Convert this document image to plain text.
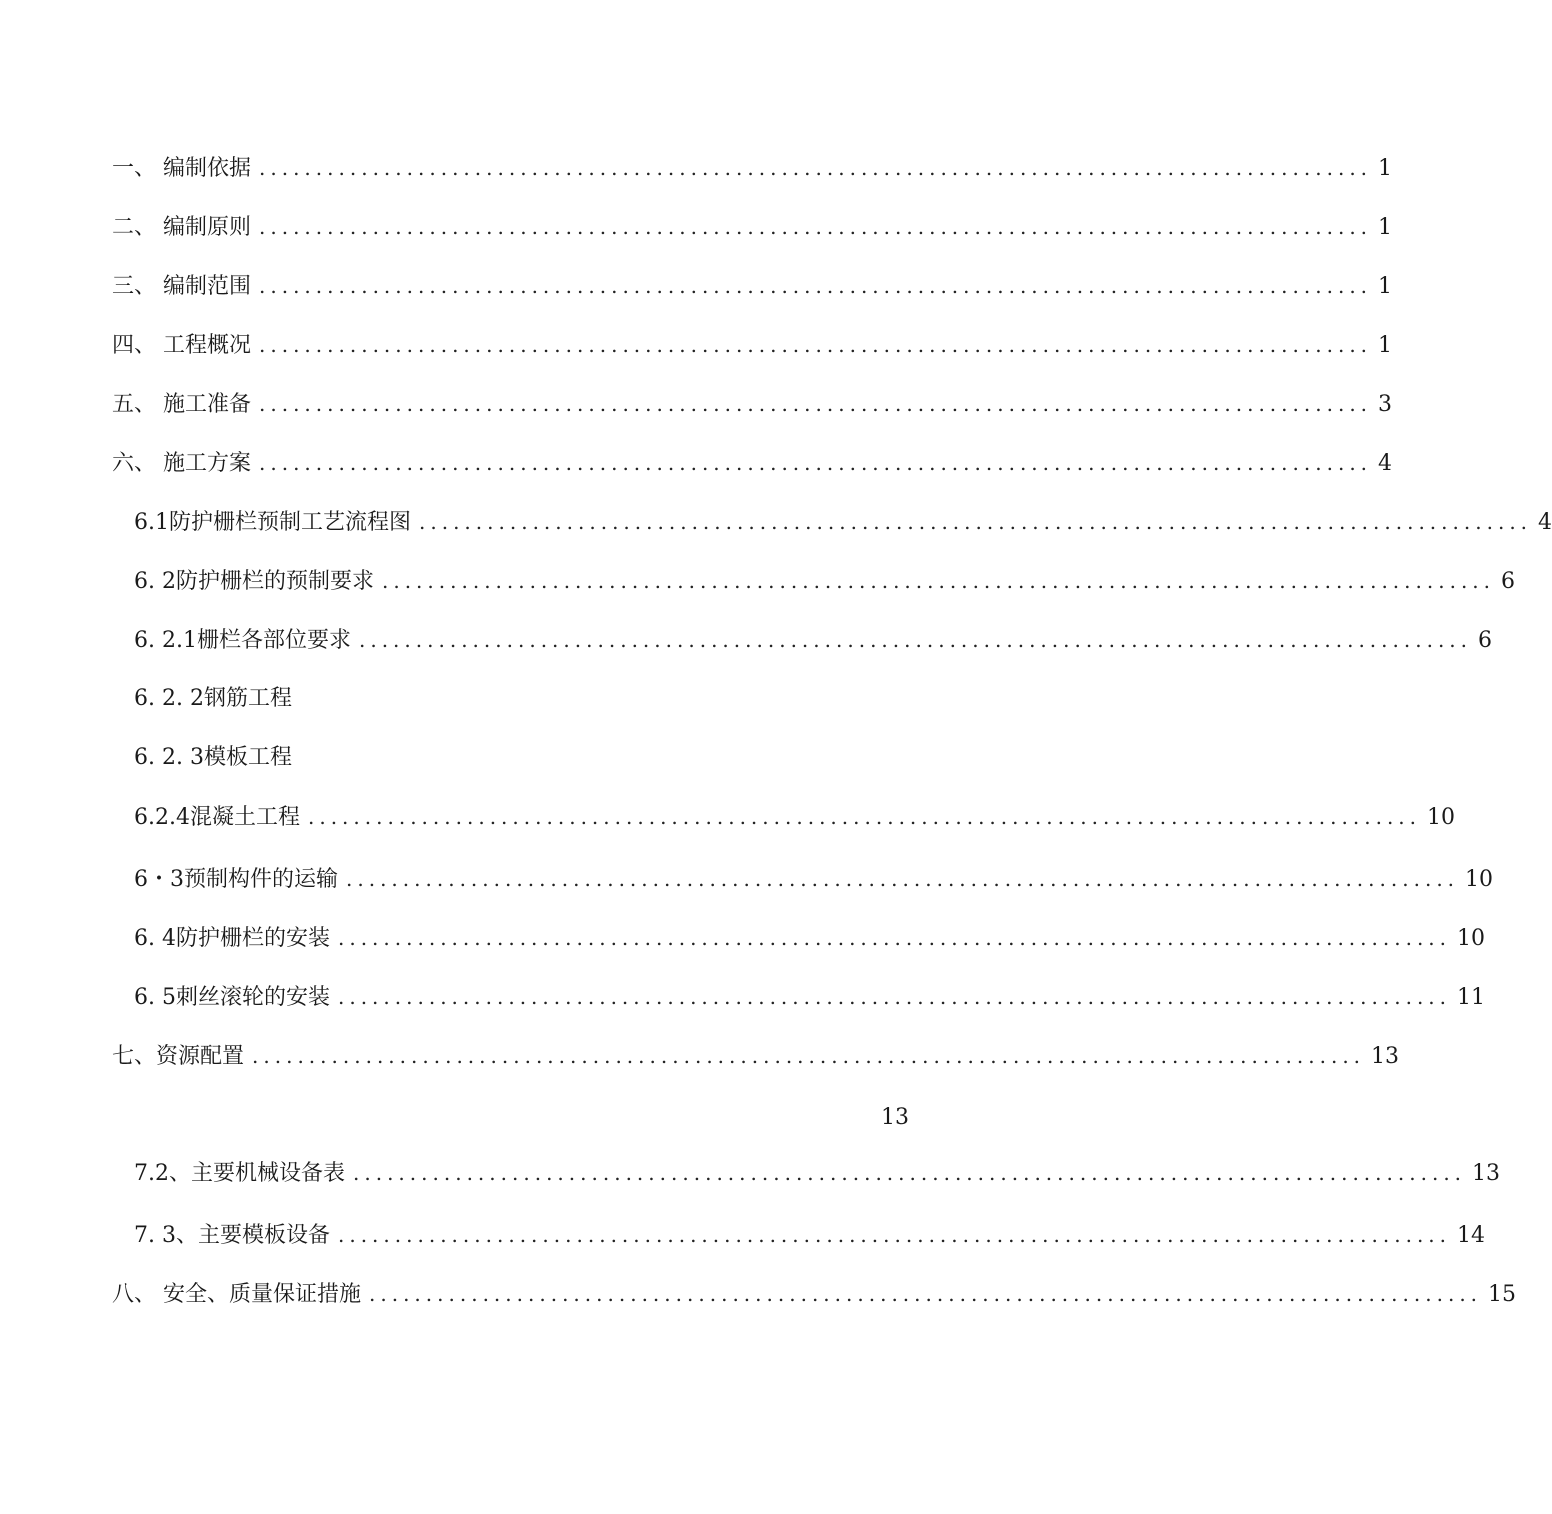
一、 编制依据 .................................................................................................. 1
二、 编制原则 .................................................................................................. 1
三、 编制范围 .................................................................................................. 1
四、 工程概况 .................................................................................................. 1
五、 施工准备 .................................................................................................. 3
六、 施工方案 .................................................................................................. 4
6.1防护栅栏预制工艺流程图 .................................................................................................. 4
6. 2防护栅栏的预制要求 .................................................................................................. 6
6. 2.1栅栏各部位要求 .................................................................................................. 6
6. 2. 2钢筋工程
6. 2. 3模板工程
6.2.4混凝土工程 .................................................................................................. 10
6・3预制构件的运输 .................................................................................................. 10
6. 4防护栅栏的安装 .................................................................................................. 10
6. 5刺丝滚轮的安装 .................................................................................................. 11
七、资源配置 .................................................................................................. 13
13
7.2、主要机械设备表 .................................................................................................. 13
7. 3、主要模板设备 .................................................................................................. 14
八、 安全、质量保证措施 .................................................................................................. 15
